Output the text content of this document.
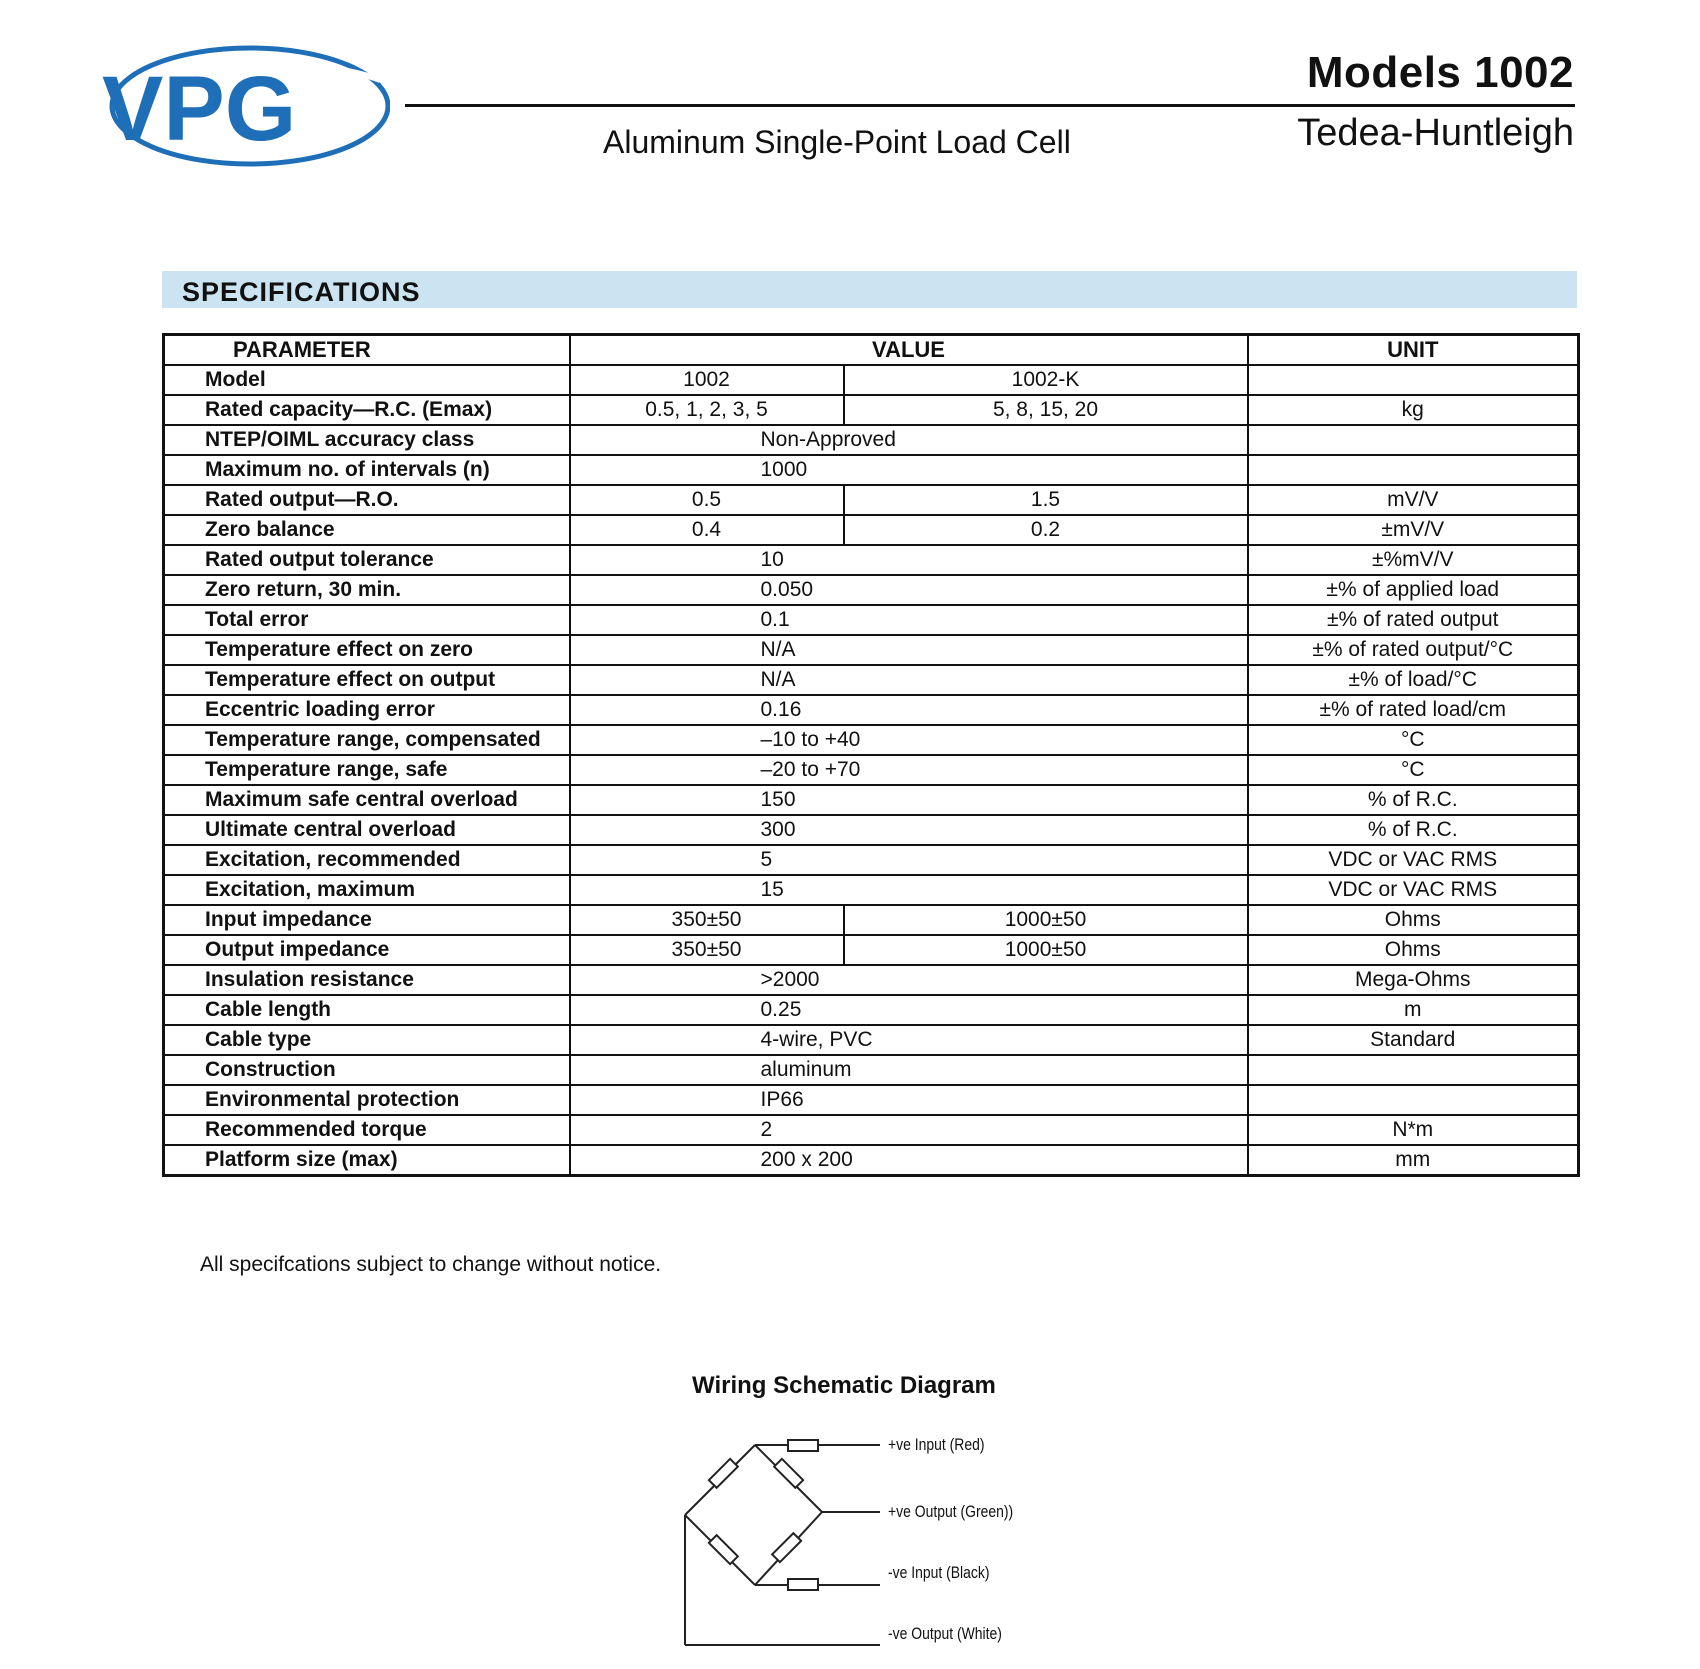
VPG	Models 1002
Aluminum Single-Point Load Cell	Tedea-Huntleigh
SPECIFICATIONS
PARAMETER	VALUE		UNIT
Model	1002	1002-K	
Rated capacity—R.C. (Emax)	0.5, 1, 2, 3, 5	5, 8, 15, 20	kg
NTEP/OIML accuracy class	Non-Approved		
Maximum no. of intervals (n)	1000		
Rated output—R.O.	0.5	1.5	mV/V
Zero balance	0.4	0.2	±mV/V
Rated output tolerance	10		±%mV/V
Zero return, 30 min.	0.050		±% of applied load
Total error	0.1		±% of rated output
Temperature effect on zero	N/A		±% of rated output/°C
Temperature effect on output	N/A		±% of load/°C
Eccentric loading error	0.16		±% of rated load/cm
Temperature range, compensated	–10 to +40		°C
Temperature range, safe	–20 to +70		°C
Maximum safe central overload	150		% of R.C.
Ultimate central overload	300		% of R.C.
Excitation, recommended	5		VDC or VAC RMS
Excitation, maximum	15		VDC or VAC RMS
Input impedance	350±50	1000±50	Ohms
Output impedance	350±50	1000±50	Ohms
Insulation resistance	>2000		Mega-Ohms
Cable length	0.25		m
Cable type	4-wire, PVC		Standard
Construction	aluminum		
Environmental protection	IP66		
Recommended torque	2		N*m
Platform size (max)	200 x 200		mm
All specifcations subject to change without notice.
Wiring Schematic Diagram
+ve Input (Red)
+ve Output (Green))
-ve Input (Black)
-ve Output (White)
